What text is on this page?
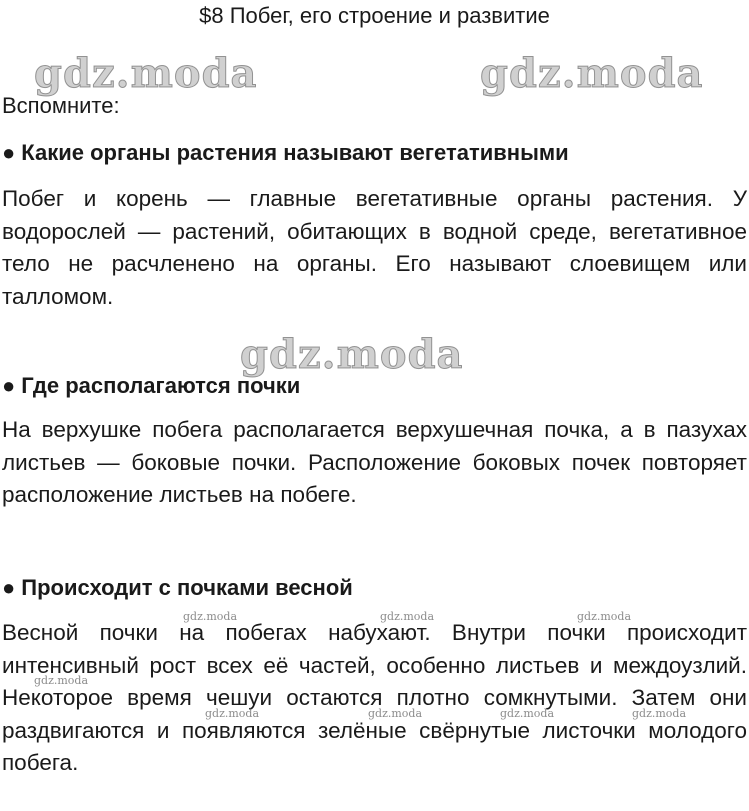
$8 Побег, его строение и развитие
gdz.moda	gdz.moda
Вспомните:
● Какие органы растения называют вегетативными

Побег и корень — главные вегетативные органы растения. У водорослей — растений, обитающих в водной среде, вегетативное тело не расчленено на органы. Его называют слоевищем или талломом.

gdz.moda
● Где располагаются почки

На верхушке побега располагается верхушечная почка, а в пазухах листьев — боковые почки. Расположение боковых почек повторяет расположение листьев на побеге.

● Происходит с почками весной
gdz.moda	gdz.moda	gdz.moda

Весной почки на побегах набухают. Внутри почки происходит интенсивный рост всех её частей, особенно листьев и междоузлий. Некоторое время чешуи остаются плотно сомкнутыми. Затем они раздвигаются и появляются зелёные свёрнутые листочки молодого побега.

gdz.moda
gdz.moda	gdz.moda	gdz.moda	gdz.moda
